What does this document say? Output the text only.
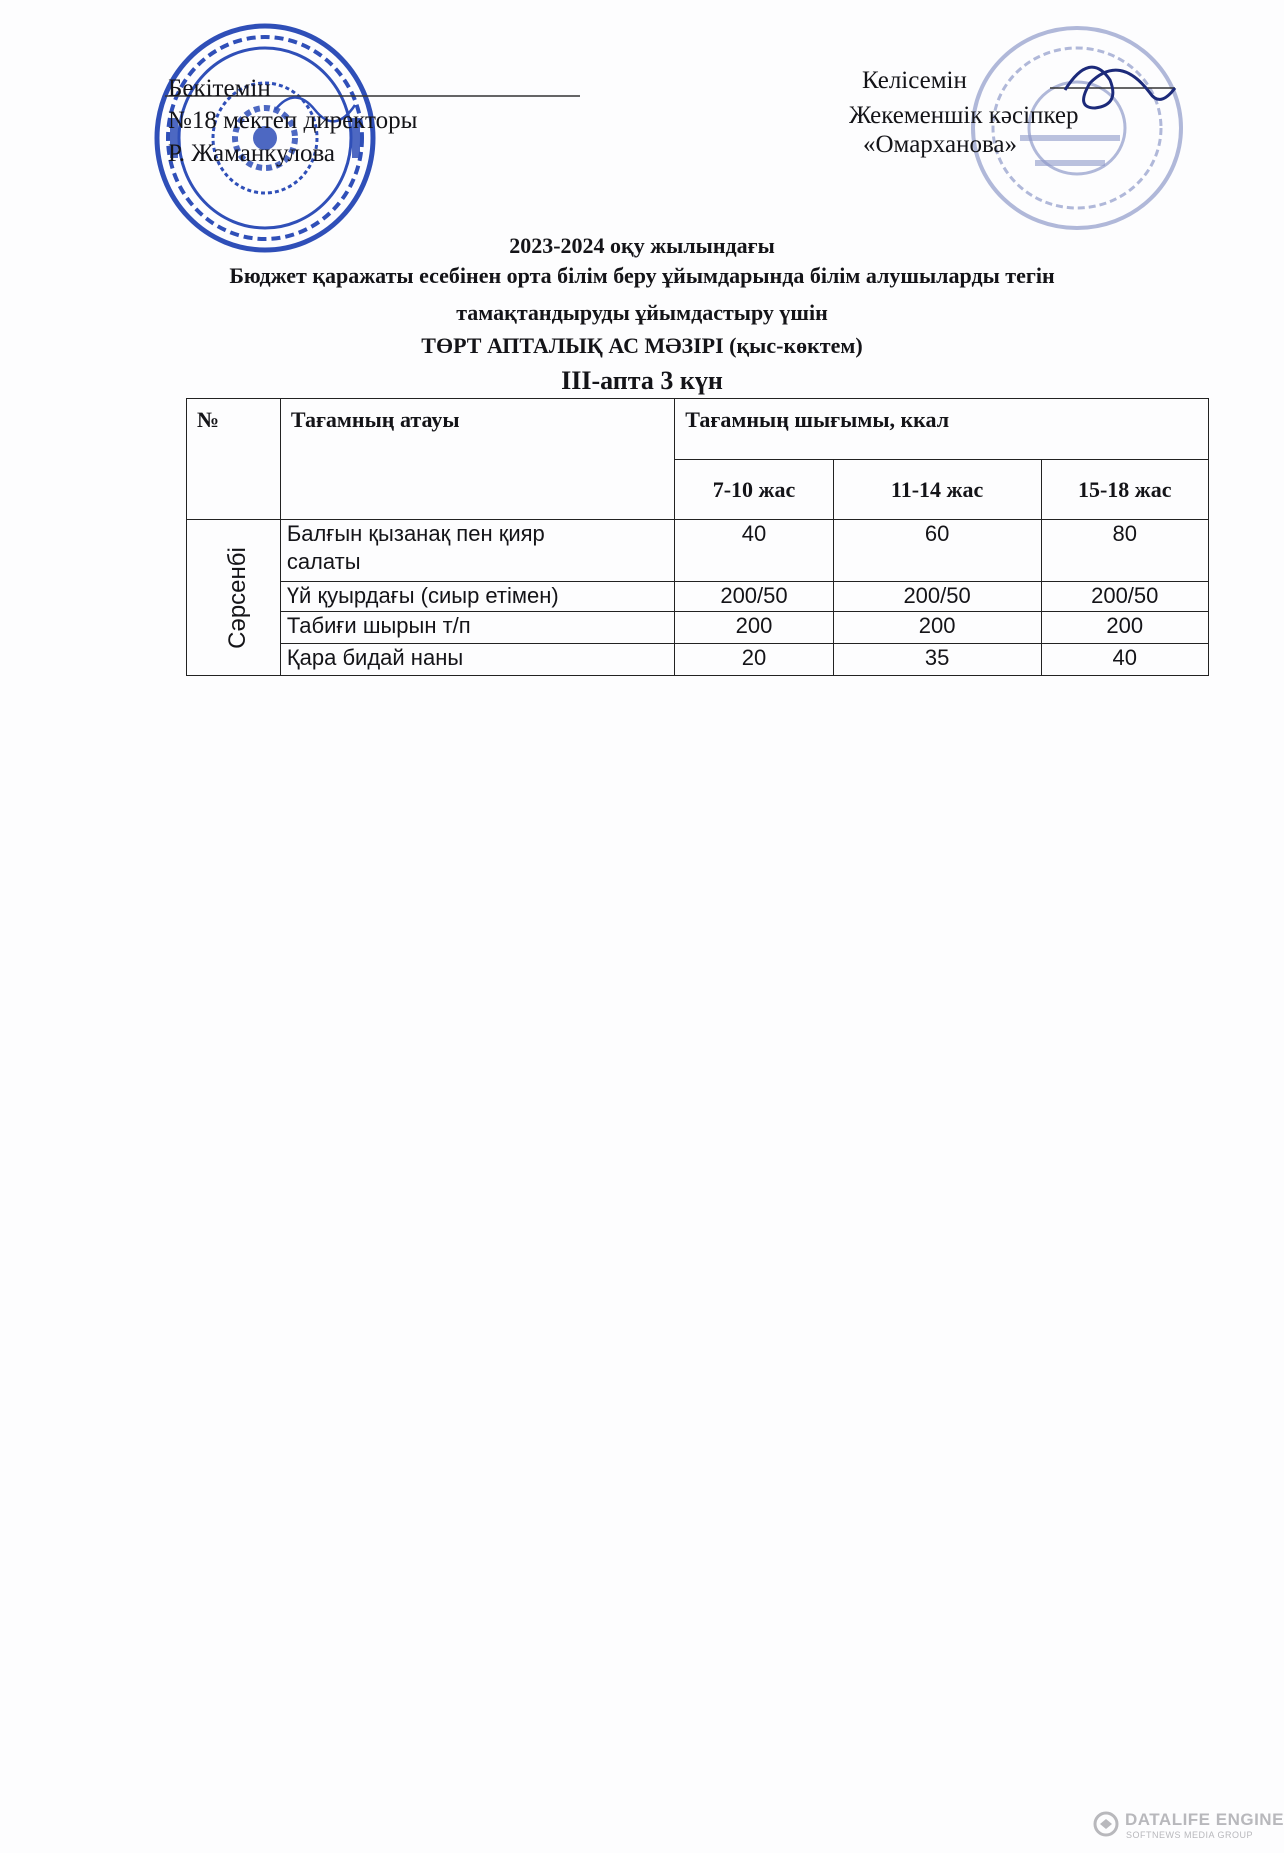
Бекітемін
№18 мектеп директоры
Р. Жаманкулова
Келісемін
Жекеменшік кәсіпкер
«Омарханова»
2023-2024 оқу жылындағы
Бюджет қаражаты есебінен орта білім беру ұйымдарында білім алушыларды тегін
тамақтандыруды ұйымдастыру үшін
ТӨРТ АПТАЛЫҚ АС МӘЗІРІ (қыс-көктем)
III-апта 3 күн
№	Тағамның атауы	Тағамның шығымы, ккал		
		7-10 жас	11-14 жас	15-18 жас
Сәрсенбі	Балғын қызанақ пен қияр салаты	40	60	80
	Үй қуырдағы (сиыр етімен)	200/50	200/50	200/50
	Табиғи шырын т/п	200	200	200
	Қара бидай наны	20	35	40
DATALIFE ENGINE
SOFTNEWS MEDIA GROUP
